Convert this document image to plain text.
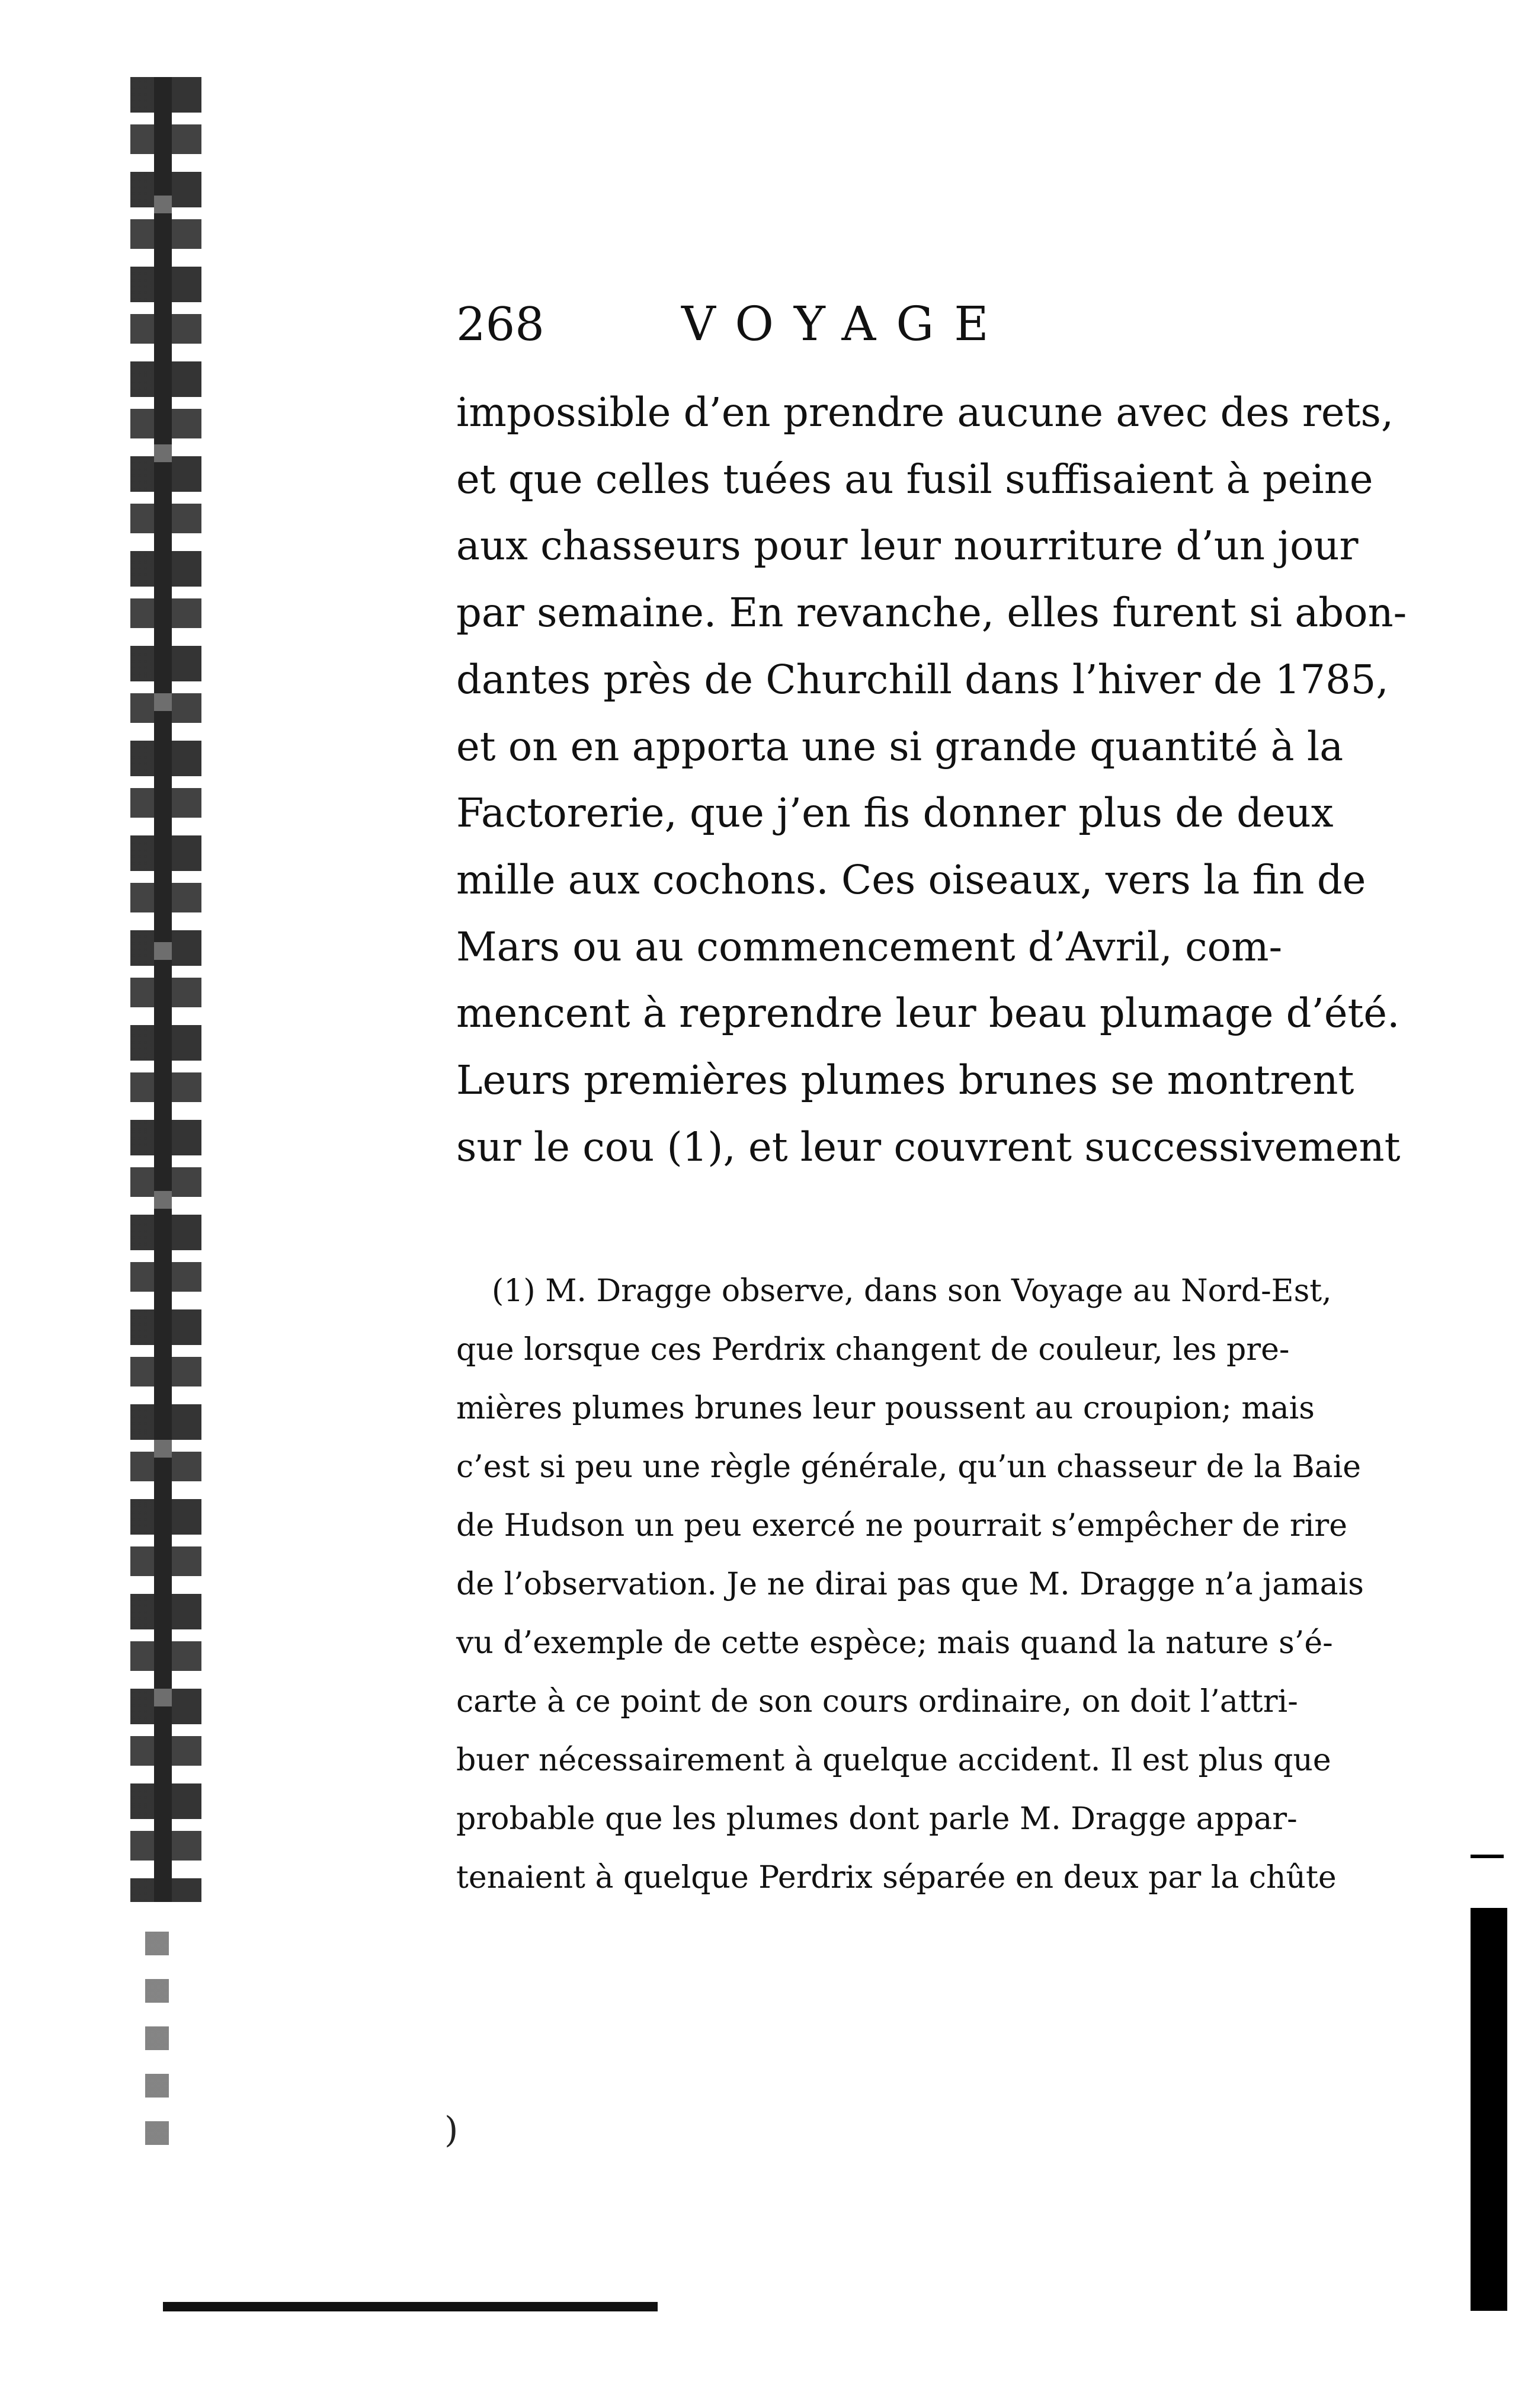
268	VOYAGE

impossible d’en prendre aucune avec des rets,
et que celles tuées au fusil suffisaient à peine
aux chasseurs pour leur nourriture d’un jour
par semaine. En revanche, elles furent si abon-
dantes près de Churchill dans l’hiver de 1785,
et on en apporta une si grande quantité à la
Factorerie, que j’en fis donner plus de deux
mille aux cochons. Ces oiseaux, vers la fin de
Mars ou au commencement d’Avril, com-
mencent à reprendre leur beau plumage d’été.
Leurs premières plumes brunes se montrent
sur le cou (1), et leur couvrent successivement

(1) M. Dragge observe, dans son Voyage au Nord-Est,
que lorsque ces Perdrix changent de couleur, les pre-
mières plumes brunes leur poussent au croupion; mais
c’est si peu une règle générale, qu’un chasseur de la Baie
de Hudson un peu exercé ne pourrait s’empêcher de rire
de l’observation. Je ne dirai pas que M. Dragge n’a jamais
vu d’exemple de cette espèce; mais quand la nature s’é-
carte à ce point de son cours ordinaire, on doit l’attri-
buer nécessairement à quelque accident. Il est plus que
probable que les plumes dont parle M. Dragge appar-
tenaient à quelque Perdrix séparée en deux par la chûte
)
